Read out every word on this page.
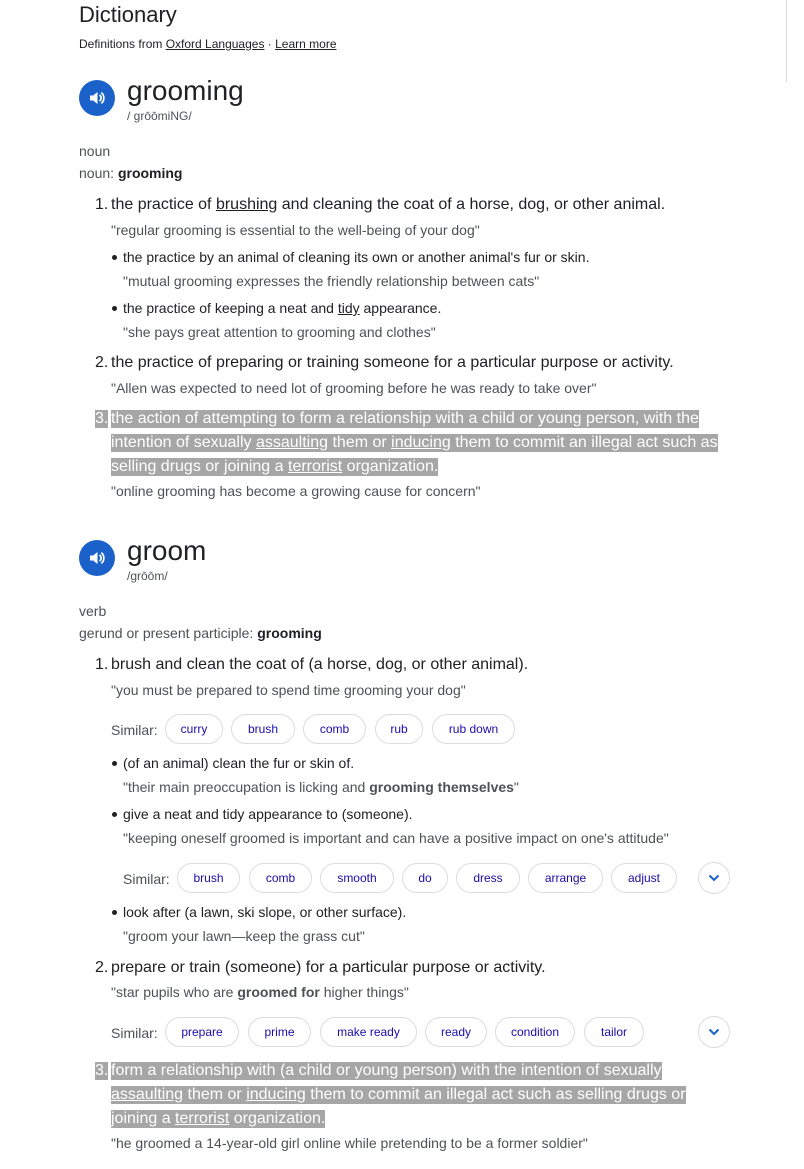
Dictionary
Definitions from Oxford Languages · Learn more
grooming
/ grōōmiNG/
noun
noun: grooming
1. the practice of brushing and cleaning the coat of a horse, dog, or other animal.
"regular grooming is essential to the well-being of your dog"
the practice by an animal of cleaning its own or another animal's fur or skin.
"mutual grooming expresses the friendly relationship between cats"
the practice of keeping a neat and tidy appearance.
"she pays great attention to grooming and clothes"
2. the practice of preparing or training someone for a particular purpose or activity.
"Allen was expected to need lot of grooming before he was ready to take over"
3. the action of attempting to form a relationship with a child or young person, with the
intention of sexually assaulting them or inducing them to commit an illegal act such as
selling drugs or joining a terrorist organization.
"online grooming has become a growing cause for concern"
groom
/grōōm/
verb
gerund or present participle: grooming
1. brush and clean the coat of (a horse, dog, or other animal).
"you must be prepared to spend time grooming your dog"
Similar:	curry	brush	comb	rub	rub down
(of an animal) clean the fur or skin of.
"their main preoccupation is licking and grooming themselves"
give a neat and tidy appearance to (someone).
"keeping oneself groomed is important and can have a positive impact on one's attitude"
Similar:	brush	comb	smooth	do	dress	arrange	adjust
look after (a lawn, ski slope, or other surface).
"groom your lawn—keep the grass cut"
2. prepare or train (someone) for a particular purpose or activity.
"star pupils who are groomed for higher things"
Similar:	prepare	prime	make ready	ready	condition	tailor
3. form a relationship with (a child or young person) with the intention of sexually
assaulting them or inducing them to commit an illegal act such as selling drugs or
joining a terrorist organization.
"he groomed a 14-year-old girl online while pretending to be a former soldier"
